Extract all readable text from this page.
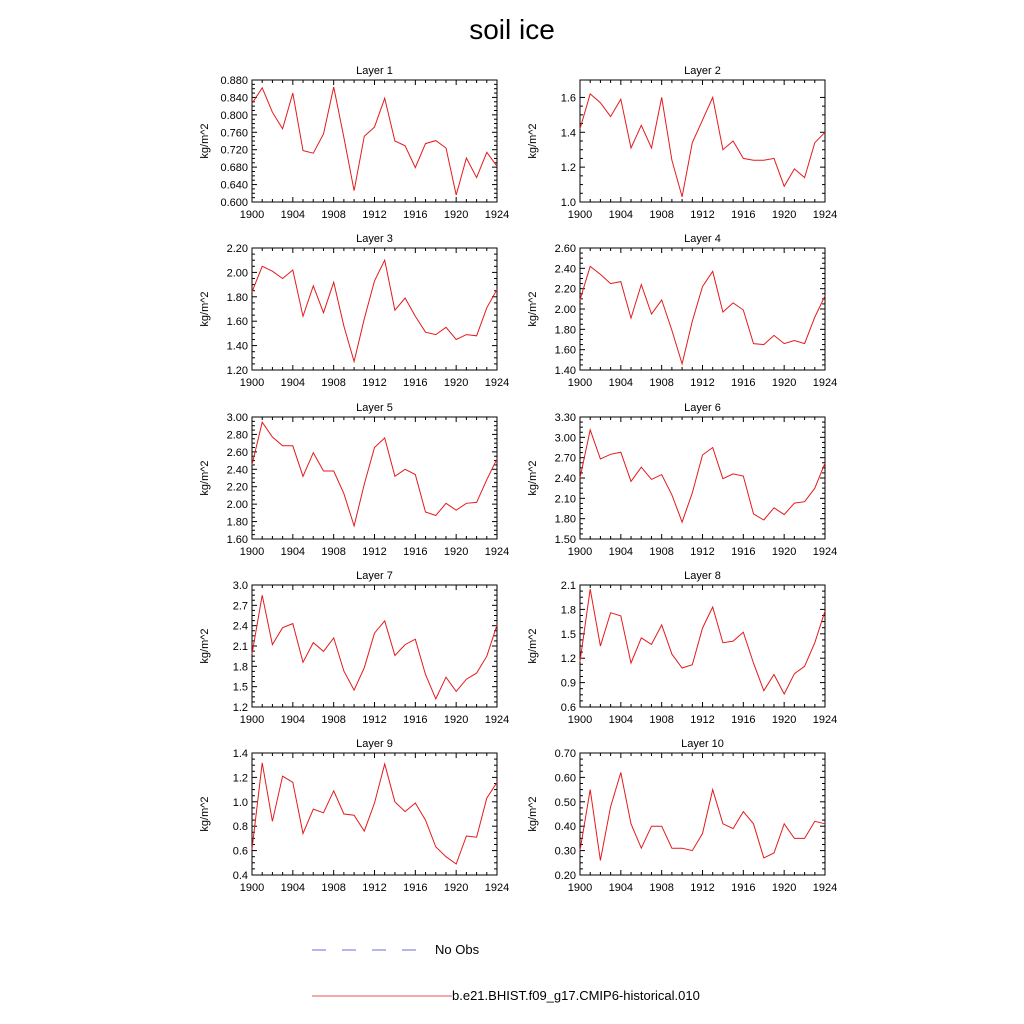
soil ice
Layer 1
0.600
0.640
0.680
0.720
0.760
0.800
0.840
0.880
1900 1904 1908 1912 1916 1920 1924
kg/m^2
Layer 2
1.0
1.2
1.4
1.6
1900 1904 1908 1912 1916 1920 1924
kg/m^2
Layer 3
1.20
1.40
1.60
1.80
2.00
2.20
1900 1904 1908 1912 1916 1920 1924
kg/m^2
Layer 4
1.40
1.60
1.80
2.00
2.20
2.40
2.60
1900 1904 1908 1912 1916 1920 1924
kg/m^2
Layer 5
1.60
1.80
2.00
2.20
2.40
2.60
2.80
3.00
1900 1904 1908 1912 1916 1920 1924
kg/m^2
Layer 6
1.50
1.80
2.10
2.40
2.70
3.00
3.30
1900 1904 1908 1912 1916 1920 1924
kg/m^2
Layer 7
1.2
1.5
1.8
2.1
2.4
2.7
3.0
1900 1904 1908 1912 1916 1920 1924
kg/m^2
Layer 8
0.6
0.9
1.2
1.5
1.8
2.1
1900 1904 1908 1912 1916 1920 1924
kg/m^2
Layer 9
0.4
0.6
0.8
1.0
1.2
1.4
1900 1904 1908 1912 1916 1920 1924
kg/m^2
Layer 10
0.20
0.30
0.40
0.50
0.60
0.70
1900 1904 1908 1912 1916 1920 1924
kg/m^2
No Obs
b.e21.BHIST.f09_g17.CMIP6-historical.010
